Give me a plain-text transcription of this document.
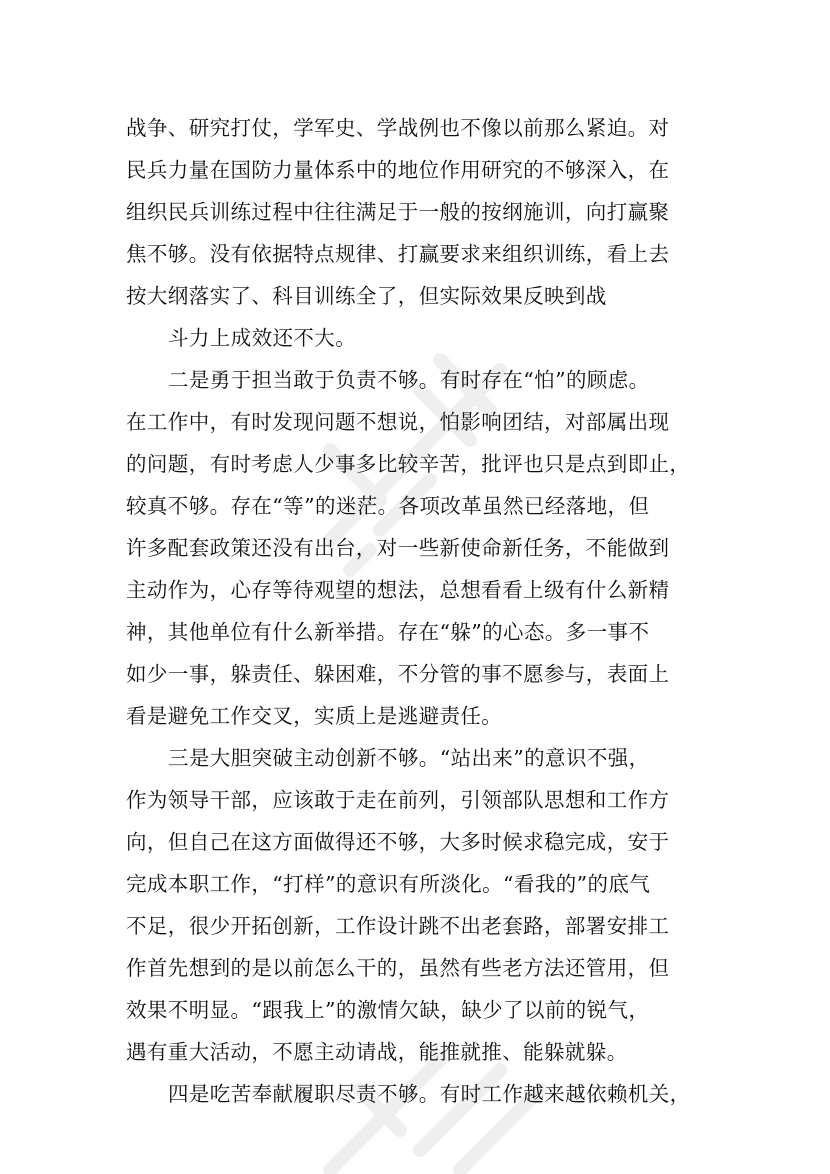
战争、研究打仗，学军史、学战例也不像以前那么紧迫。对
民兵力量在国防力量体系中的地位作用研究的不够深入，在
组织民兵训练过程中往往满足于一般的按纲施训，向打赢聚
焦不够。没有依据特点规律、打赢要求来组织训练，看上去
按大纲落实了、科目训练全了，但实际效果反映到战
斗力上成效还不大。
二是勇于担当敢于负责不够。有时存在“怕”的顾虑。
在工作中，有时发现问题不想说，怕影响团结，对部属出现
的问题，有时考虑人少事多比较辛苦，批评也只是点到即止，
较真不够。存在“等”的迷茫。各项改革虽然已经落地，但
许多配套政策还没有出台，对一些新使命新任务，不能做到
主动作为，心存等待观望的想法，总想看看上级有什么新精
神，其他单位有什么新举措。存在“躲”的心态。多一事不
如少一事，躲责任、躲困难，不分管的事不愿参与，表面上
看是避免工作交叉，实质上是逃避责任。
三是大胆突破主动创新不够。“站出来”的意识不强，
作为领导干部，应该敢于走在前列，引领部队思想和工作方
向，但自己在这方面做得还不够，大多时候求稳完成，安于
完成本职工作，“打样”的意识有所淡化。“看我的”的底气
不足，很少开拓创新，工作设计跳不出老套路，部署安排工
作首先想到的是以前怎么干的，虽然有些老方法还管用，但
效果不明显。“跟我上”的激情欠缺，缺少了以前的锐气，
遇有重大活动，不愿主动请战，能推就推、能躲就躲。
四是吃苦奉献履职尽责不够。有时工作越来越依赖机关，
